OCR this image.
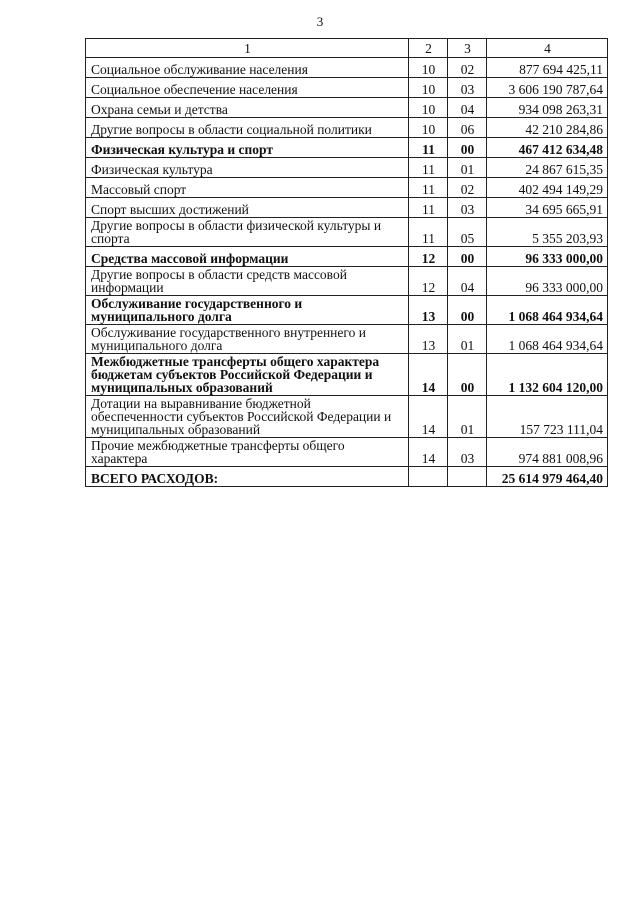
3
1	2	3	4
Социальное обслуживание населения	10	02	877 694 425,11
Социальное обеспечение населения	10	03	3 606 190 787,64
Охрана семьи и детства	10	04	934 098 263,31
Другие вопросы в области социальной политики	10	06	42 210 284,86
Физическая культура и спорт	11	00	467 412 634,48
Физическая культура	11	01	24 867 615,35
Массовый спорт	11	02	402 494 149,29
Спорт высших достижений	11	03	34 695 665,91
Другие вопросы в области физической культуры и спорта	11	05	5 355 203,93
Средства массовой информации	12	00	96 333 000,00
Другие вопросы в области средств массовой информации	12	04	96 333 000,00
Обслуживание государственного и муниципального долга	13	00	1 068 464 934,64
Обслуживание государственного внутреннего и муниципального долга	13	01	1 068 464 934,64
Межбюджетные трансферты общего характера бюджетам субъектов Российской Федерации и муниципальных образований	14	00	1 132 604 120,00
Дотации на выравнивание бюджетной обеспеченности субъектов Российской Федерации и муниципальных образований	14	01	157 723 111,04
Прочие межбюджетные трансферты общего характера	14	03	974 881 008,96
ВСЕГО РАСХОДОВ:			25 614 979 464,40
